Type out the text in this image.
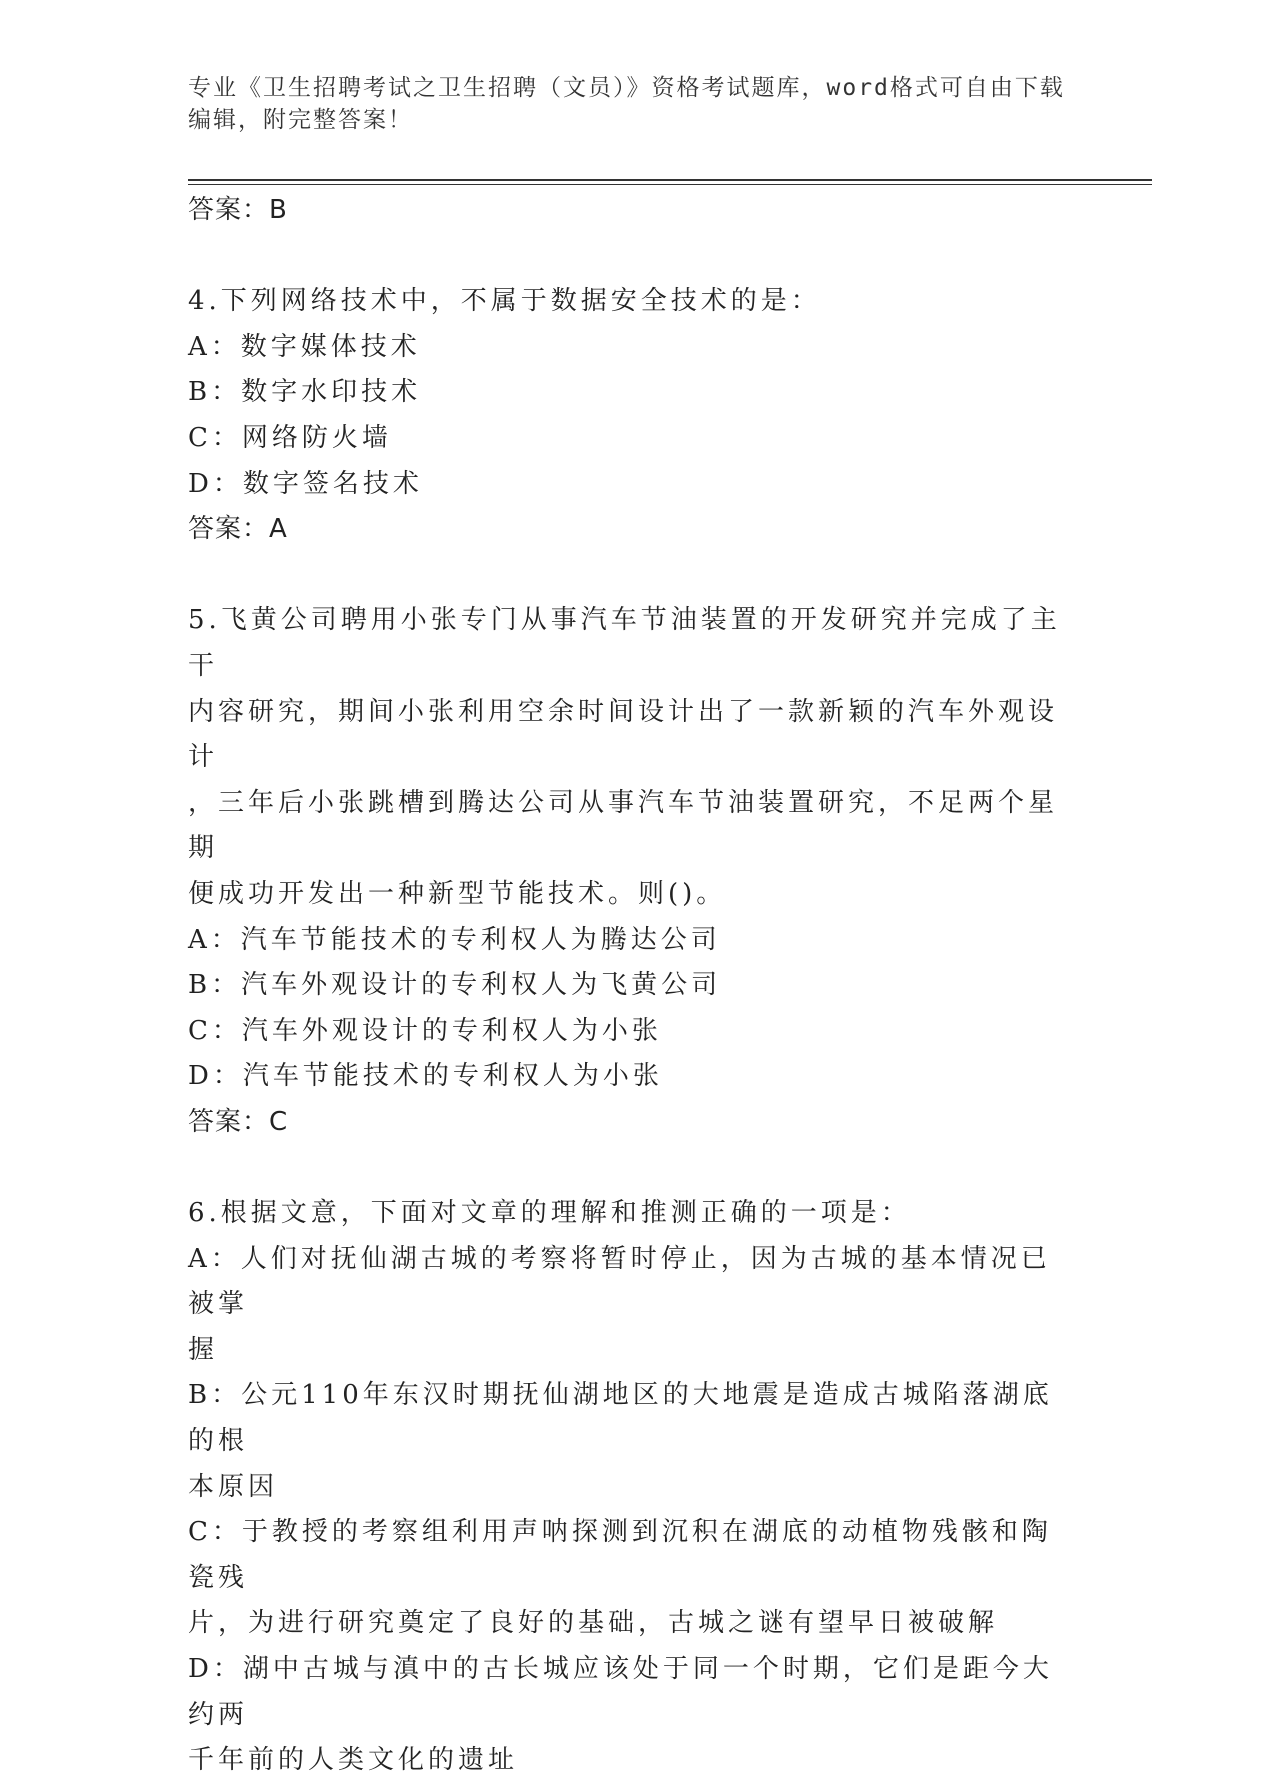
专业《卫生招聘考试之卫生招聘（文员）》资格考试题库，word格式可自由下载
编辑，附完整答案！
答案：B
4.下列网络技术中，不属于数据安全技术的是：
A：数字媒体技术
B：数字水印技术
C：网络防火墙
D：数字签名技术
答案：A
5.飞黄公司聘用小张专门从事汽车节油装置的开发研究并完成了主干
内容研究，期间小张利用空余时间设计出了一款新颖的汽车外观设计
，三年后小张跳槽到腾达公司从事汽车节油装置研究，不足两个星期
便成功开发出一种新型节能技术。则()。
A：汽车节能技术的专利权人为腾达公司
B：汽车外观设计的专利权人为飞黄公司
C：汽车外观设计的专利权人为小张
D：汽车节能技术的专利权人为小张
答案：C
6.根据文意，下面对文章的理解和推测正确的一项是：
A：人们对抚仙湖古城的考察将暂时停止，因为古城的基本情况已被掌
握
B：公元110年东汉时期抚仙湖地区的大地震是造成古城陷落湖底的根
本原因
C：于教授的考察组利用声呐探测到沉积在湖底的动植物残骸和陶瓷残
片，为进行研究奠定了良好的基础，古城之谜有望早日被破解
D：湖中古城与滇中的古长城应该处于同一个时期，它们是距今大约两
千年前的人类文化的遗址
